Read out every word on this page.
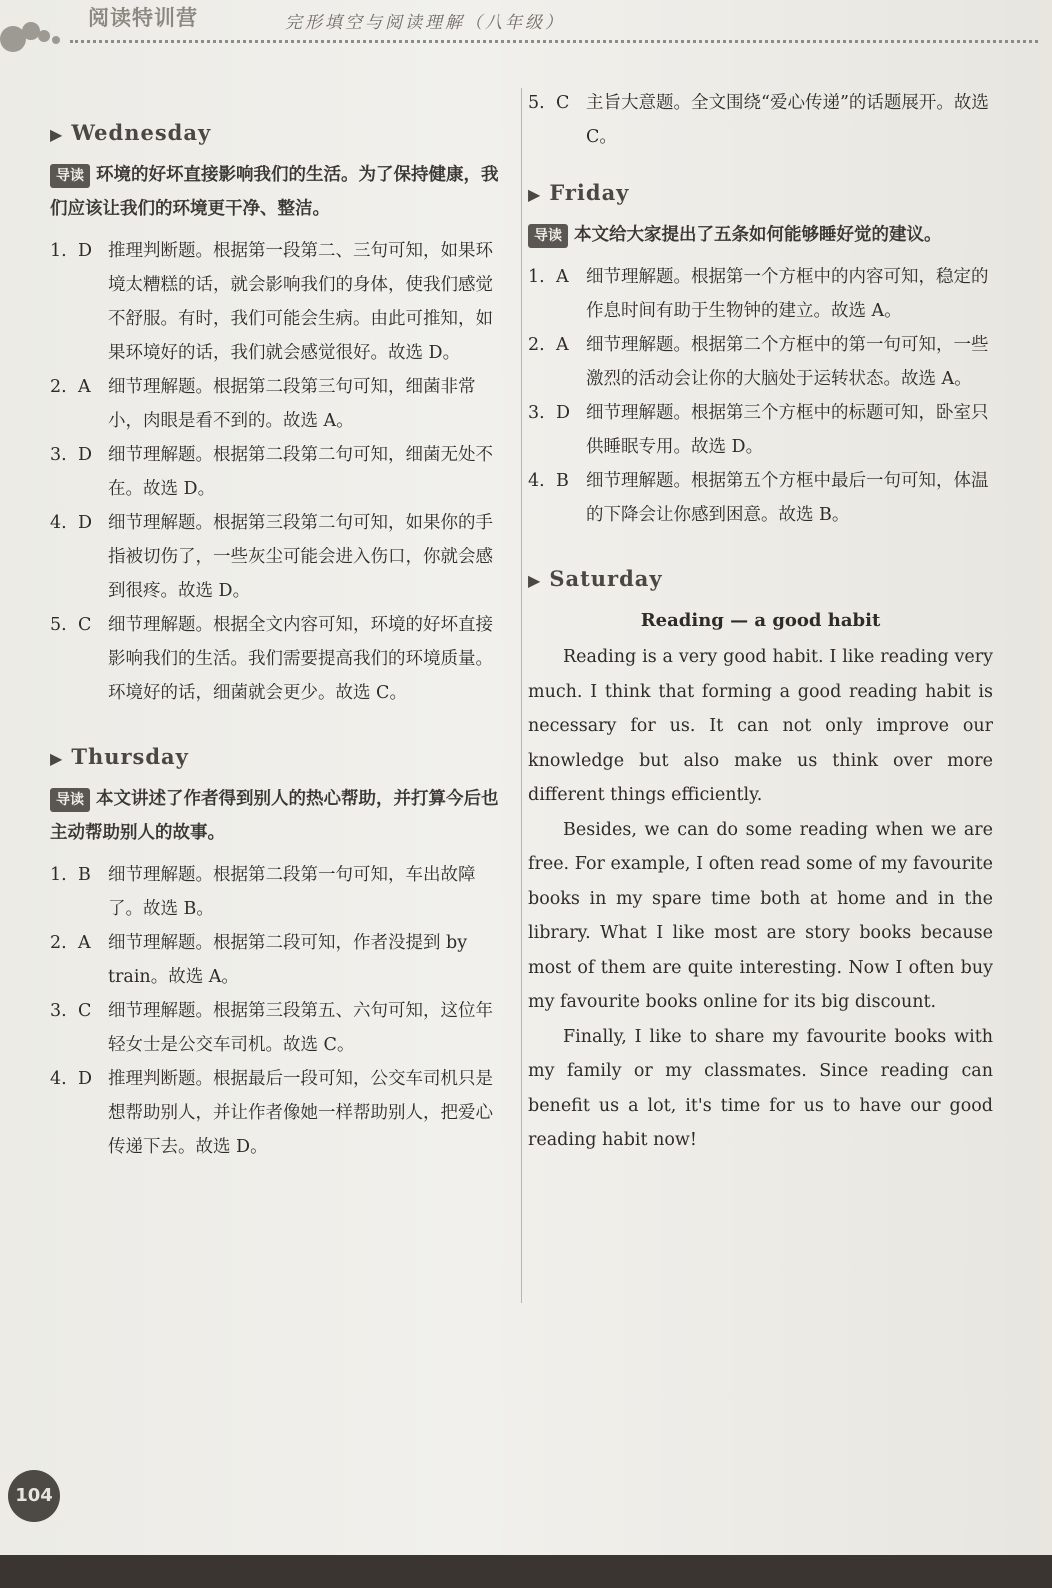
阅读特训营	完形填空与阅读理解（八年级）
▶ Wednesday
导读 环境的好坏直接影响我们的生活。为了保持健康，我们应该让我们的环境更干净、整洁。
1. D 推理判断题。根据第一段第二、三句可知，如果环境太糟糕的话，就会影响我们的身体，使我们感觉不舒服。有时，我们可能会生病。由此可推知，如果环境好的话，我们就会感觉很好。故选 D。
2. A 细节理解题。根据第二段第三句可知，细菌非常小，肉眼是看不到的。故选 A。
3. D 细节理解题。根据第二段第二句可知，细菌无处不在。故选 D。
4. D 细节理解题。根据第三段第二句可知，如果你的手指被切伤了，一些灰尘可能会进入伤口，你就会感到很疼。故选 D。
5. C 细节理解题。根据全文内容可知，环境的好坏直接影响我们的生活。我们需要提高我们的环境质量。环境好的话，细菌就会更少。故选 C。
▶ Thursday
导读 本文讲述了作者得到别人的热心帮助，并打算今后也主动帮助别人的故事。
1. B 细节理解题。根据第二段第一句可知，车出故障了。故选 B。
2. A 细节理解题。根据第二段可知，作者没提到 by train。故选 A。
3. C 细节理解题。根据第三段第五、六句可知，这位年轻女士是公交车司机。故选 C。
4. D 推理判断题。根据最后一段可知，公交车司机只是想帮助别人，并让作者像她一样帮助别人，把爱心传递下去。故选 D。
5. C 主旨大意题。全文围绕“爱心传递”的话题展开。故选 C。
▶ Friday
导读 本文给大家提出了五条如何能够睡好觉的建议。
1. A 细节理解题。根据第一个方框中的内容可知，稳定的作息时间有助于生物钟的建立。故选 A。
2. A 细节理解题。根据第二个方框中的第一句可知，一些激烈的活动会让你的大脑处于运转状态。故选 A。
3. D 细节理解题。根据第三个方框中的标题可知，卧室只供睡眠专用。故选 D。
4. B 细节理解题。根据第五个方框中最后一句可知，体温的下降会让你感到困意。故选 B。
▶ Saturday
Reading — a good habit

Reading is a very good habit. I like reading very much. I think that forming a good reading habit is necessary for us. It can not only improve our knowledge but also make us think over more different things efficiently.

Besides, we can do some reading when we are free. For example, I often read some of my favourite books in my spare time both at home and in the library. What I like most are story books because most of them are quite interesting. Now I often buy my favourite books online for its big discount.

Finally, I like to share my favourite books with my family or my classmates. Since reading can benefit us a lot, it's time for us to have our good reading habit now!

104
